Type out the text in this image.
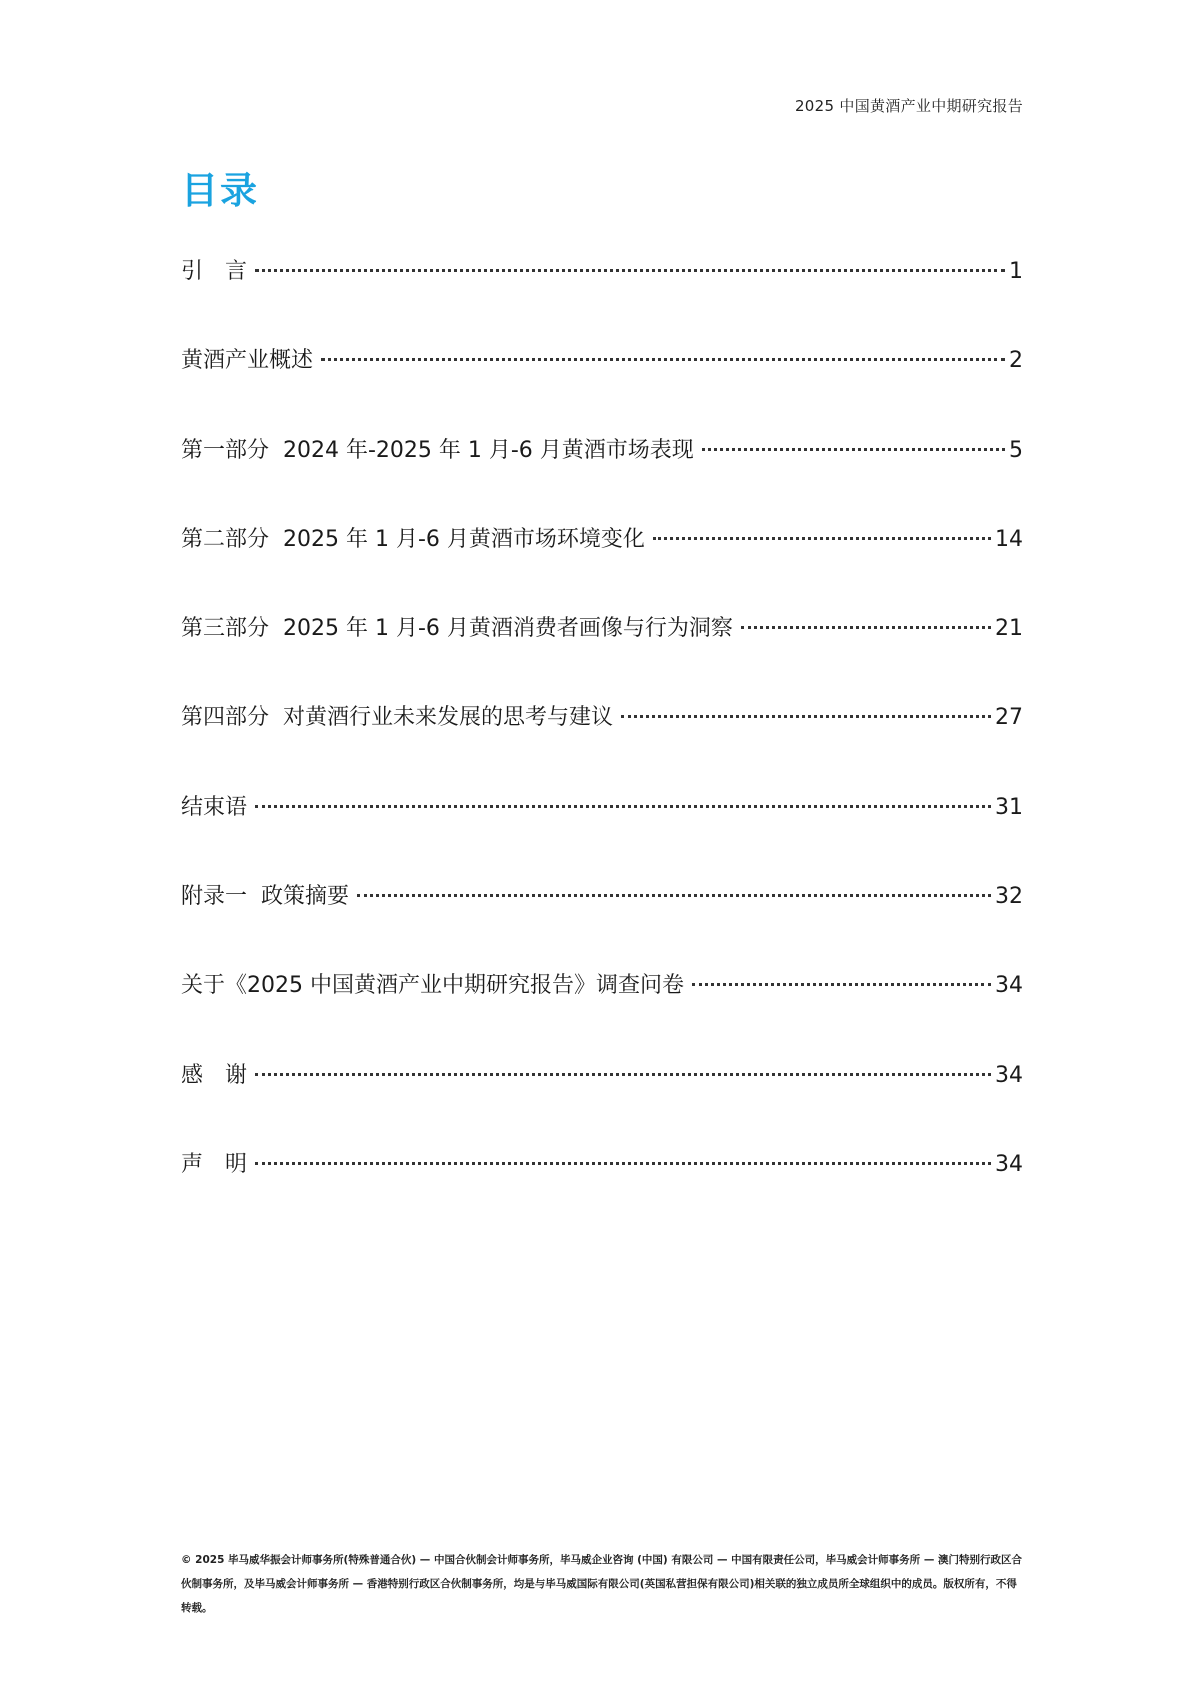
2025 中国黄酒产业中期研究报告
目录
引　言	1
黄酒产业概述	2
第一部分  2024 年-2025 年 1 月-6 月黄酒市场表现	5
第二部分  2025 年 1 月-6 月黄酒市场环境变化	14
第三部分  2025 年 1 月-6 月黄酒消费者画像与行为洞察	21
第四部分  对黄酒行业未来发展的思考与建议	27
结束语	31
附录一  政策摘要	32
关于《2025 中国黄酒产业中期研究报告》调查问卷	34
感　谢	34
声　明	34
© 2025 毕马威华振会计师事务所(特殊普通合伙) — 中国合伙制会计师事务所，毕马威企业咨询 (中国) 有限公司 — 中国有限责任公司，毕马威会计师事务所 — 澳门特别行政区合伙制事务所，及毕马威会计师事务所 — 香港特别行政区合伙制事务所，均是与毕马威国际有限公司(英国私营担保有限公司)相关联的独立成员所全球组织中的成员。版权所有，不得转载。
